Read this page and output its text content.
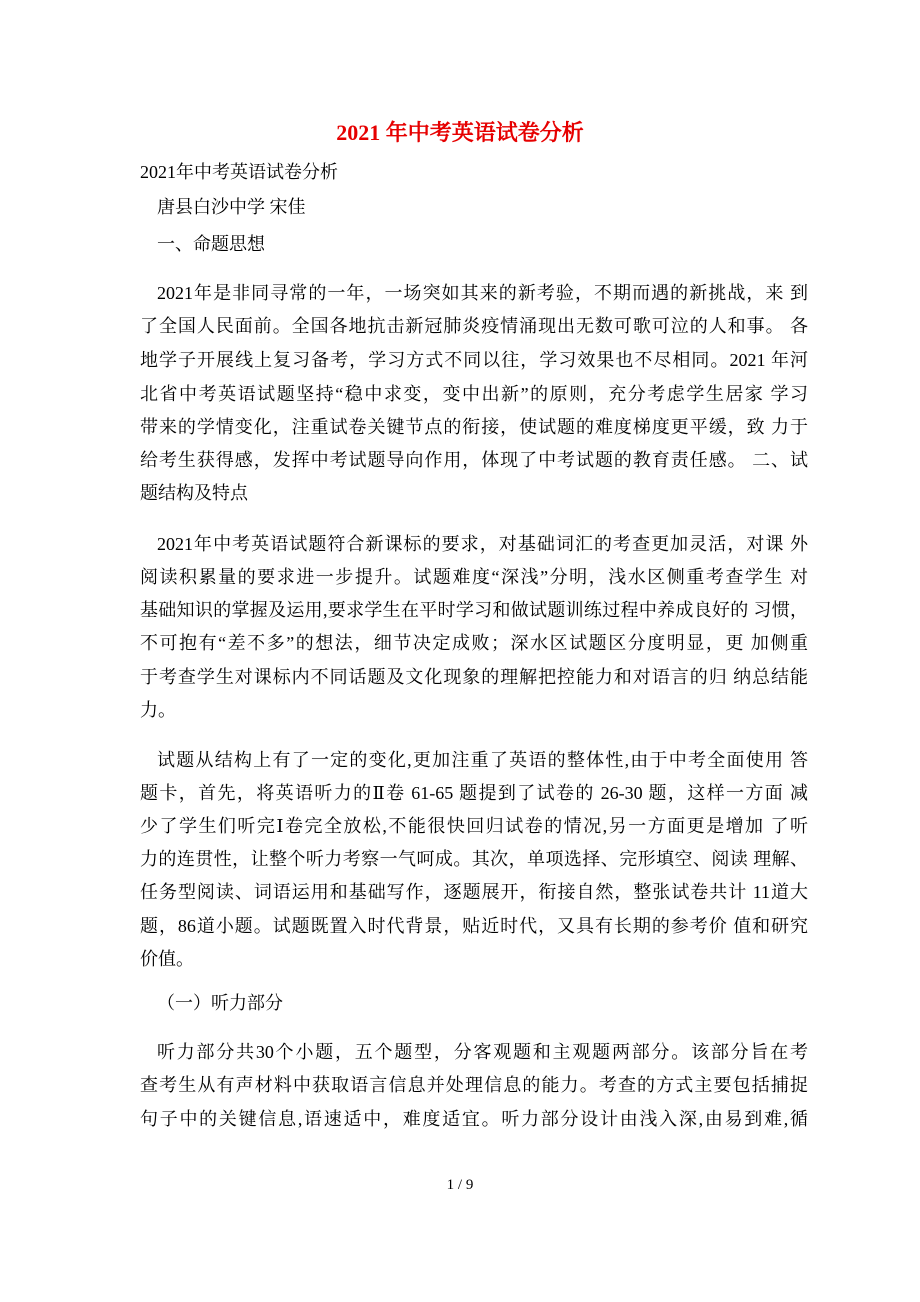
2021 年中考英语试卷分析
2021年中考英语试卷分析
唐县白沙中学 宋佳
一、命题思想
2021年是非同寻常的一年，一场突如其来的新考验，不期而遇的新挑战，来 到
了全国人民面前。全国各地抗击新冠肺炎疫情涌现出无数可歌可泣的人和事。 各
地学子开展线上复习备考，学习方式不同以往，学习效果也不尽相同。2021 年河
北省中考英语试题坚持“稳中求变，变中出新”的原则，充分考虑学生居家 学习
带来的学情变化，注重试卷关键节点的衔接，使试题的难度梯度更平缓，致 力于
给考生获得感，发挥中考试题导向作用，体现了中考试题的教育责任感。 二、试
题结构及特点
2021年中考英语试题符合新课标的要求，对基础词汇的考查更加灵活，对课 外
阅读积累量的要求进一步提升。试题难度“深浅”分明，浅水区侧重考查学生 对
基础知识的掌握及运用,要求学生在平时学习和做试题训练过程中养成良好的 习惯，
不可抱有“差不多”的想法，细节决定成败；深水区试题区分度明显，更 加侧重
于考查学生对课标内不同话题及文化现象的理解把控能力和对语言的归 纳总结能
力。
试题从结构上有了一定的变化,更加注重了英语的整体性,由于中考全面使用 答
题卡，首先，将英语听力的Ⅱ卷 61-65 题提到了试卷的 26-30 题，这样一方面 减
少了学生们听完Ⅰ卷完全放松,不能很快回归试卷的情况,另一方面更是增加 了听
力的连贯性，让整个听力考察一气呵成。其次，单项选择、完形填空、阅读 理解、
任务型阅读、词语运用和基础写作，逐题展开，衔接自然，整张试卷共计 11道大
题，86道小题。试题既置入时代背景，贴近时代，又具有长期的参考价 值和研究
价值。
（一）听力部分
听力部分共30个小题，五个题型，分客观题和主观题两部分。该部分旨在考
查考生从有声材料中获取语言信息并处理信息的能力。考查的方式主要包括捕捉
句子中的关键信息,语速适中，难度适宜。听力部分设计由浅入深,由易到难,循
1 / 9
